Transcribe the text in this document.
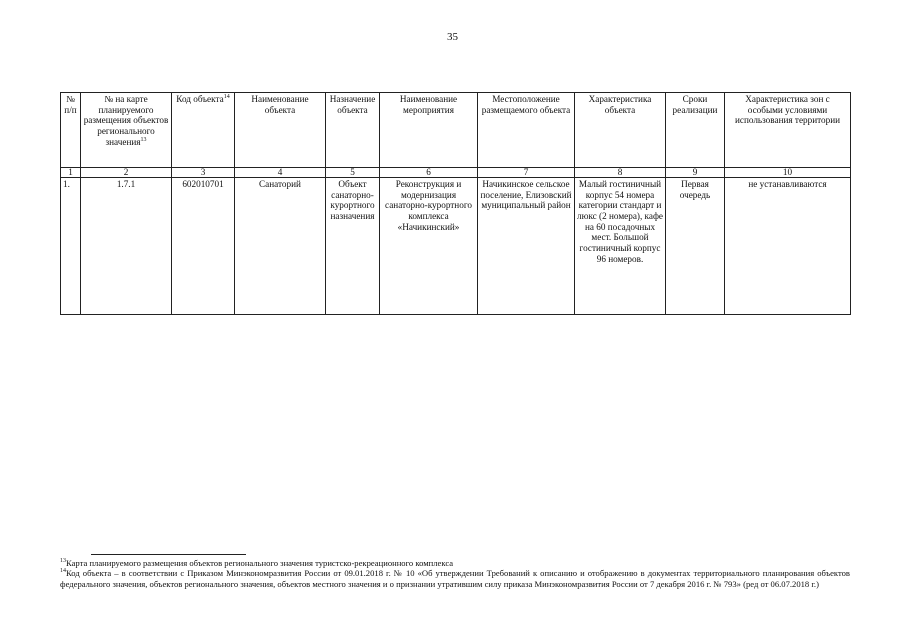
35
№ п/п	№ на карте планируемого размещения объектов регионального значения$^{13}$	Код объекта$^{14}$	Наименование объекта	Назначение объекта	Наименование мероприятия	Местоположение размещаемого объекта	Характеристика объекта	Сроки реализации	Характеристика зон с особыми условиями использования территории
1	2	3	4	5	6	7	8	9	10
1.	1.7.1	602010701	Санаторий	Объект санаторно-курортного назначения	Реконструкция и модернизация санаторно-курортного комплекса «Начикинский»	Начикинское сельское поселение, Елизовский муниципальный район	Малый гостиничный корпус 54 номера категории стандарт и люкс (2 номера), кафе на 60 посадочных мест. Большой гостиничный корпус 96 номеров.	Первая очередь	не устанавливаются

$^{13}$Карта планируемого размещения объектов регионального значения туристско-рекреационного комплекса

$^{14}$Код объекта – в соответствии с Приказом Минэкономразвития России от 09.01.2018 г. № 10 «Об утверждении Требований к описанию и отображению в документах территориального планирования объектов федерального значения, объектов регионального значения, объектов местного значения и о признании утратившим силу приказа Минэкономразвития России от 7 декабря 2016 г. № 793» (ред от 06.07.2018 г.)
